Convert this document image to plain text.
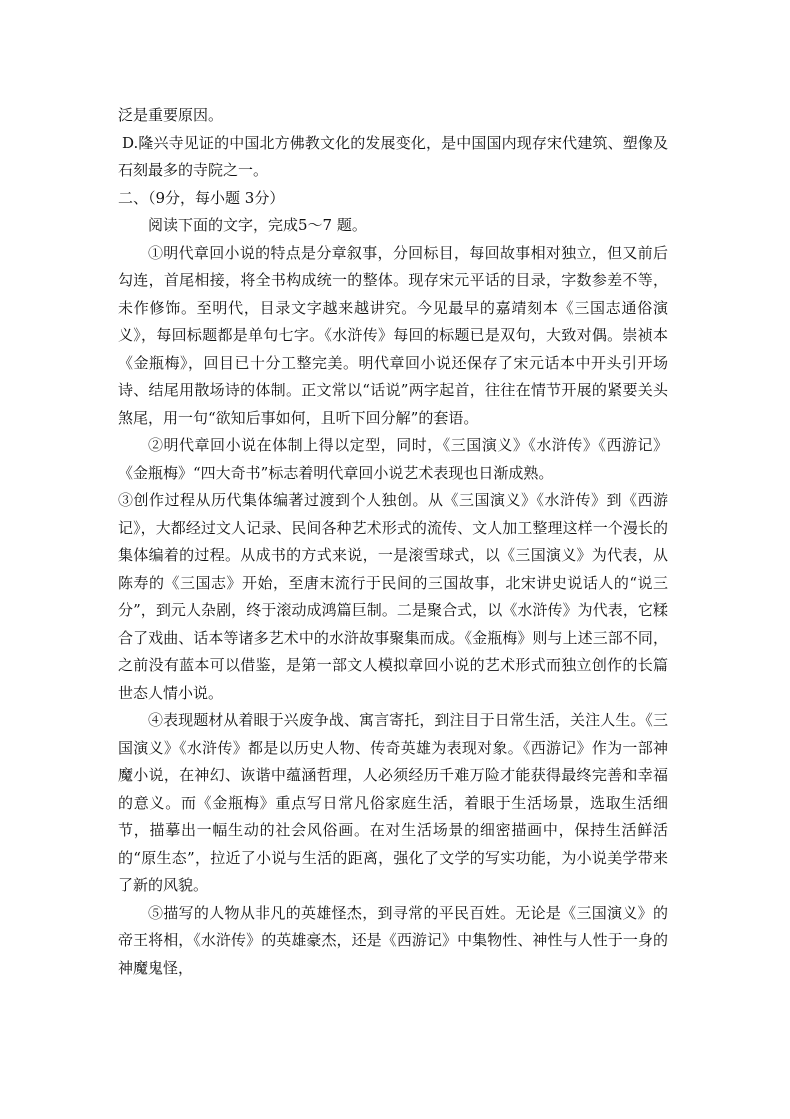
泛是重要原因。

D.隆兴寺见证的中国北方佛教文化的发展变化，是中国国内现存宋代建筑、塑像及石刻最多的寺院之一。

二、（9分，每小题 3分）

阅读下面的文字，完成5～7 题。

①明代章回小说的特点是分章叙事，分回标目，每回故事相对独立，但又前后勾连，首尾相接，将全书构成统一的整体。现存宋元平话的目录，字数参差不等，未作修饰。至明代，目录文字越来越讲究。今见最早的嘉靖刻本《三国志通俗演义》，每回标题都是单句七字。《水浒传》每回的标题已是双句，大致对偶。崇祯本《金瓶梅》，回目已十分工整完美。明代章回小说还保存了宋元话本中开头引开场诗、结尾用散场诗的体制。正文常以“话说”两字起首，往往在情节开展的紧要关头煞尾，用一句“欲知后事如何，且听下回分解”的套语。

②明代章回小说在体制上得以定型，同时，《三国演义》《水浒传》《西游记》《金瓶梅》“四大奇书”标志着明代章回小说艺术表现也日渐成熟。

③创作过程从历代集体编著过渡到个人独创。从《三国演义》《水浒传》到《西游记》，大都经过文人记录、民间各种艺术形式的流传、文人加工整理这样一个漫长的集体编着的过程。从成书的方式来说，一是滚雪球式，以《三国演义》为代表，从陈寿的《三国志》开始，至唐末流行于民间的三国故事，北宋讲史说话人的“说三分”，到元人杂剧，终于滚动成鸿篇巨制。二是聚合式，以《水浒传》为代表，它糅合了戏曲、话本等诸多艺术中的水浒故事聚集而成。《金瓶梅》则与上述三部不同，之前没有蓝本可以借鉴，是第一部文人模拟章回小说的艺术形式而独立创作的长篇世态人情小说。

④表现题材从着眼于兴废争战、寓言寄托，到注目于日常生活，关注人生。《三国演义》《水浒传》都是以历史人物、传奇英雄为表现对象。《西游记》作为一部神魔小说，在神幻、诙谐中蕴涵哲理，人必须经历千难万险才能获得最终完善和幸福的意义。而《金瓶梅》重点写日常凡俗家庭生活，着眼于生活场景，选取生活细节，描摹出一幅生动的社会风俗画。在对生活场景的细密描画中，保持生活鲜活的“原生态”，拉近了小说与生活的距离，强化了文学的写实功能，为小说美学带来了新的风貌。

⑤描写的人物从非凡的英雄怪杰，到寻常的平民百姓。无论是《三国演义》的帝王将相，《水浒传》的英雄豪杰，还是《西游记》中集物性、神性与人性于一身的神魔鬼怪，
